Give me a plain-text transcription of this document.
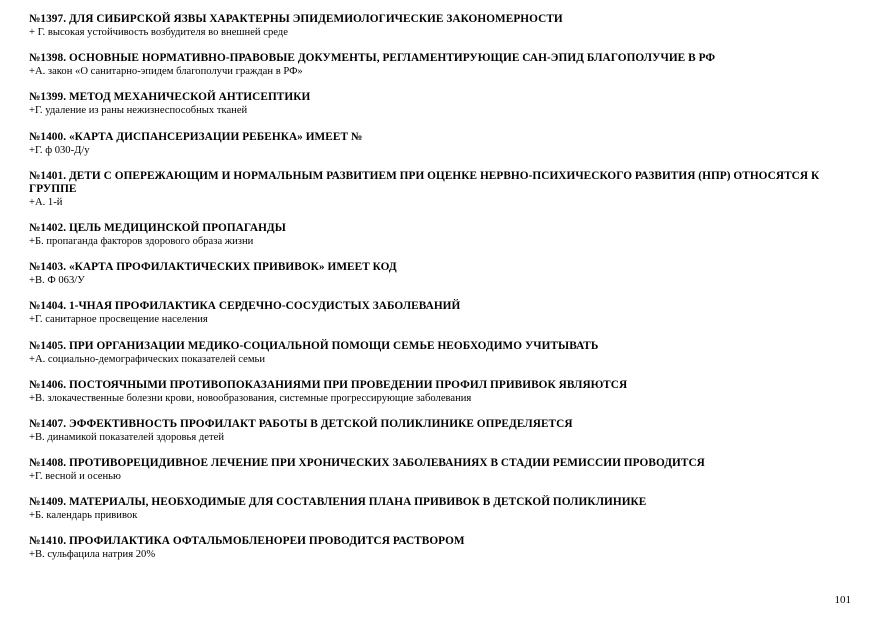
№1397. ДЛЯ СИБИРСКОЙ ЯЗВЫ ХАРАКТЕРНЫ ЭПИДЕМИОЛОГИЧЕСКИЕ ЗАКОНОМЕРНОСТИ
+ Г. высокая устойчивость возбудителя во внешней среде
№1398. ОСНОВНЫЕ НОРМАТИВНО-ПРАВОВЫЕ ДОКУМЕНТЫ, РЕГЛАМЕНТИРУЮЩИЕ САН-ЭПИД БЛАГОПОЛУЧИЕ В РФ
+А. закон «О санитарно-эпидем благополучи граждан в РФ»
№1399. МЕТОД МЕХАНИЧЕСКОЙ АНТИСЕПТИКИ
+Г. удаление из раны нежизнеспособных тканей
№1400. «КАРТА ДИСПАНСЕРИЗАЦИИ РЕБЕНКА» ИМЕЕТ №
+Г. ф 030-Д/у
№1401. ДЕТИ С ОПЕРЕЖАЮЩИМ И НОРМАЛЬНЫМ РАЗВИТИЕМ ПРИ ОЦЕНКЕ НЕРВНО-ПСИХИЧЕСКОГО РАЗВИТИЯ (НПР) ОТНОСЯТСЯ К ГРУППЕ
+А. 1-й
№1402. ЦЕЛЬ МЕДИЦИНСКОЙ ПРОПАГАНДЫ
+Б. пропаганда факторов здорового образа жизни
№1403. «КАРТА ПРОФИЛАКТИЧЕСКИХ ПРИВИВОК» ИМЕЕТ КОД
+В. Ф 063/У
№1404. 1-ЧНАЯ ПРОФИЛАКТИКА СЕРДЕЧНО-СОСУДИСТЫХ ЗАБОЛЕВАНИЙ
+Г. санитарное просвещение населения
№1405. ПРИ ОРГАНИЗАЦИИ МЕДИКО-СОЦИАЛЬНОЙ ПОМОЩИ СЕМЬЕ НЕОБХОДИМО УЧИТЫВАТЬ
+А. социально-демографических показателей семьи
№1406. ПОСТОЯЧНЫМИ ПРОТИВОПОКАЗАНИЯМИ ПРИ ПРОВЕДЕНИИ ПРОФИЛ ПРИВИВОК ЯВЛЯЮТСЯ
+В. злокачественные болезни крови, новообразования, системные прогрессирующие заболевания
№1407. ЭФФЕКТИВНОСТЬ ПРОФИЛАКТ РАБОТЫ В ДЕТСКОЙ ПОЛИКЛИНИКЕ ОПРЕДЕЛЯЕТСЯ
+В. динамикой показателей здоровья детей
№1408. ПРОТИВОРЕЦИДИВНОЕ ЛЕЧЕНИЕ ПРИ ХРОНИЧЕСКИХ ЗАБОЛЕВАНИЯХ В СТАДИИ РЕМИССИИ ПРОВОДИТСЯ
+Г. весной и осенью
№1409. МАТЕРИАЛЫ, НЕОБХОДИМЫЕ ДЛЯ СОСТАВЛЕНИЯ ПЛАНА ПРИВИВОК В ДЕТСКОЙ ПОЛИКЛИНИКЕ
+Б. календарь прививок
№1410. ПРОФИЛАКТИКА ОФТАЛЬМОБЛЕНОРЕИ ПРОВОДИТСЯ РАСТВОРОМ
+В. сульфацила натрия 20%
101
